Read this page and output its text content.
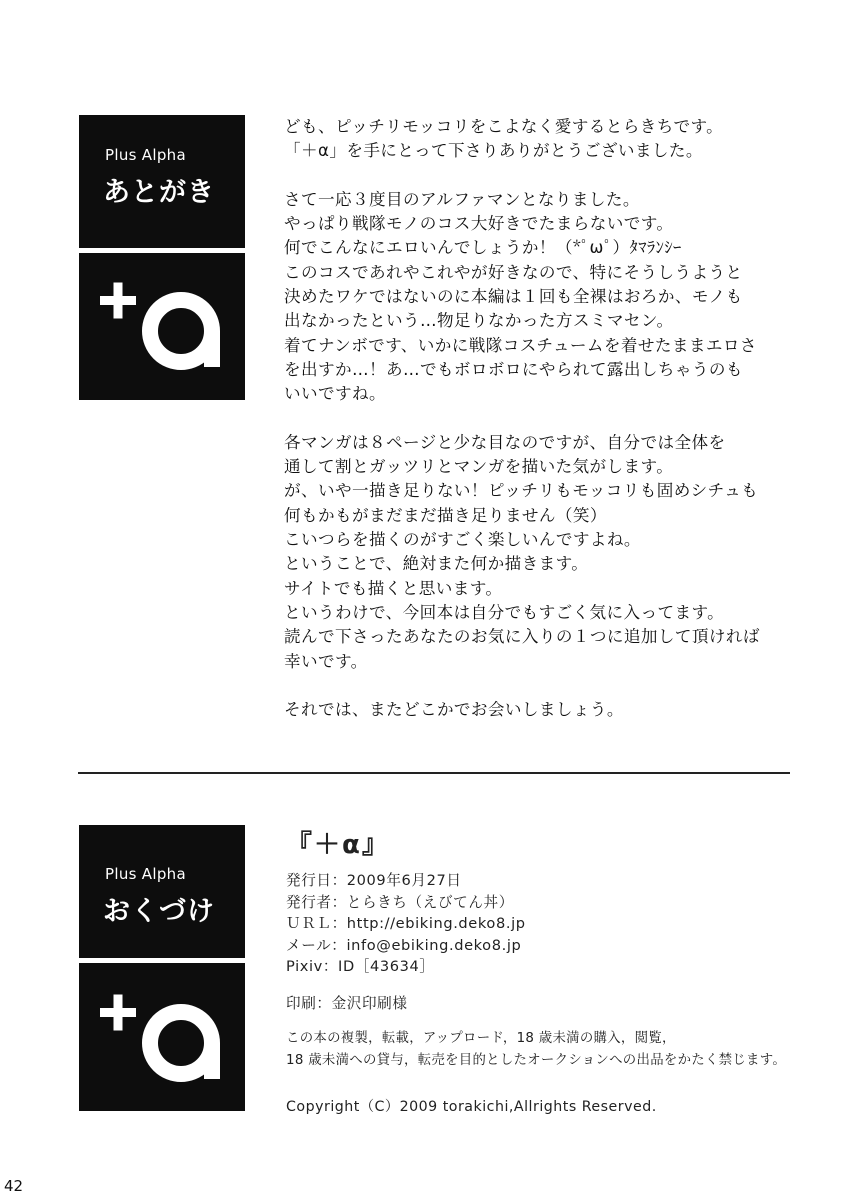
Plus Alpha
あとがき
ども、ピッチリモッコリをこよなく愛するとらきちです。
「＋α」を手にとって下さりありがとうございました。
さて一応３度目のアルファマンとなりました。
やっぱり戦隊モノのコス大好きでたまらないです。
何でこんなにエロいんでしょうか！（*ﾟωﾟ）ﾀﾏﾗﾝｼｰ
このコスであれやこれやが好きなので、特にそうしうようと
決めたワケではないのに本編は１回も全裸はおろか、モノも
出なかったという…物足りなかった方スミマセン。
着てナンボです、いかに戦隊コスチュームを着せたままエロさ
を出すか…！あ…でもボロボロにやられて露出しちゃうのも
いいですね。
各マンガは８ページと少な目なのですが、自分では全体を
通して割とガッツリとマンガを描いた気がします。
が、いや一描き足りない！ピッチリもモッコリも固めシチュも
何もかもがまだまだ描き足りません（笑）
こいつらを描くのがすごく楽しいんですよね。
ということで、絶対また何か描きます。
サイトでも描くと思います。
というわけで、今回本は自分でもすごく気に入ってます。
読んで下さったあなたのお気に入りの１つに追加して頂ければ
幸いです。
それでは、またどこかでお会いしましょう。
Plus Alpha
おくづけ
『＋α』
発行日：2009年6月27日
発行者：とらきち（えびてん丼）
ＵＲＬ：http://ebiking.deko8.jp
メール：info@ebiking.deko8.jp
Pixiv：ID［43634］
印刷：金沢印刷様
この本の複製，転載，アップロード，18 歳未満の購入，閲覧，
18 歳未満への貸与，転売を目的としたオークションへの出品をかたく禁じます。
Copyright（C）2009 torakichi,Allrights Reserved.
42
